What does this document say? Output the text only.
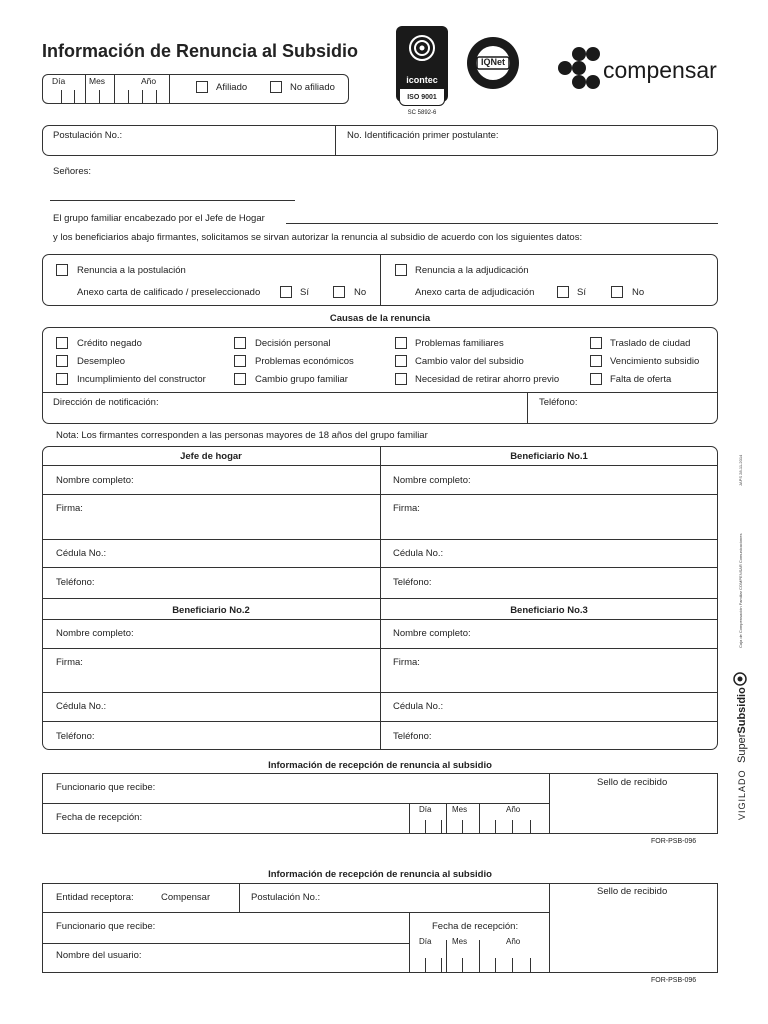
Información de Renuncia al Subsidio
Día	Mes	Año
Afiliado	No afiliado
icontec
ISO 9001
SC 5892-6
IQNet	compensar
Postulación No.:	No. Identificación primer postulante:
Señores:
El grupo familiar encabezado por el Jefe de Hogar
y los beneficiarios abajo firmantes, solicitamos se sirvan autorizar la renuncia al subsidio de acuerdo con los siguientes datos:
Renuncia a la postulación
Anexo carta de calificado / preseleccionado	Sí	No
Renuncia a la adjudicación
Anexo carta de adjudicación	Sí	No
Causas de la renuncia
Crédito negado
Desempleo
Incumplimiento del constructor
Decisión personal
Problemas económicos
Cambio grupo familiar
Problemas familiares
Cambio valor del subsidio
Necesidad de retirar ahorro previo
Traslado de ciudad
Vencimiento subsidio
Falta de oferta
Dirección de notificación:	Teléfono:
Nota: Los firmantes corresponden a las personas mayores de 18 años del grupo familiar
Jefe de hogar	Beneficiario No.1
Nombre completo:	Nombre completo:
Firma:	Firma:
Cédula No.:	Cédula No.:
Teléfono:	Teléfono:
Beneficiario No.2	Beneficiario No.3
Nombre completo:	Nombre completo:
Firma:	Firma:
Cédula No.:	Cédula No.:
Teléfono:	Teléfono:
Información de recepción de renuncia al subsidio
Funcionario que recibe:
Fecha de recepción:
Sello de recibido
Día	Mes	Año
FOR-PSB-096
Información de recepción de renuncia al subsidio
Entidad receptora:	Compensar	Postulación No.:
Funcionario que recibe:
Nombre del usuario:
Sello de recibido
Fecha de recepción:
Día	Mes	Año
FOR-PSB-096
VIGILADO SuperSubsidio
Caja de Compensación Familiar COMPENSAR Comunicaciones
JAPS 28-11-2014
